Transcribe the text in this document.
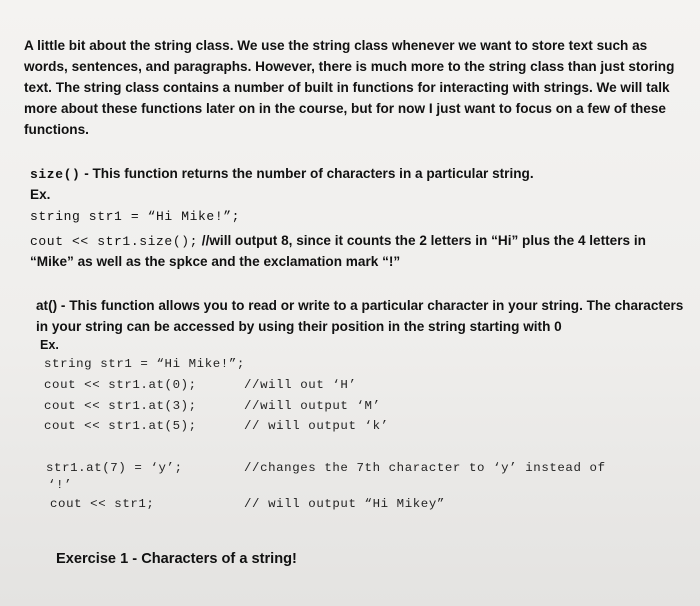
A little bit about the string class. We use the string class whenever we want to store text such as
words, sentences, and paragraphs. However, there is much more to the string class than just storing
text. The string class contains a number of built in functions for interacting with strings. We will talk
more about these functions later on in the course, but for now I just want to focus on a few of these
functions.
size() - This function returns the number of characters in a particular string.
Ex.
string str1 = “Hi Mike!”;
cout << str1.size(); //will output 8, since it counts the 2 letters in “Hi” plus the 4 letters in
“Mike” as well as the spkce and the exclamation mark “!”
at() - This function allows you to read or write to a particular character in your string. The characters
in your string can be accessed by using their position in the string starting with 0
Ex.
string str1 = “Hi Mike!”;
cout << str1.at(0);	//will out ‘H’
cout << str1.at(3);	//will output ‘M’
cout << str1.at(5);	// will output ‘k’
str1.at(7) = ‘y’;	//changes the 7th character to ‘y’ instead of
‘!’
cout << str1;	// will output “Hi Mikey”
Exercise 1 - Characters of a string!
